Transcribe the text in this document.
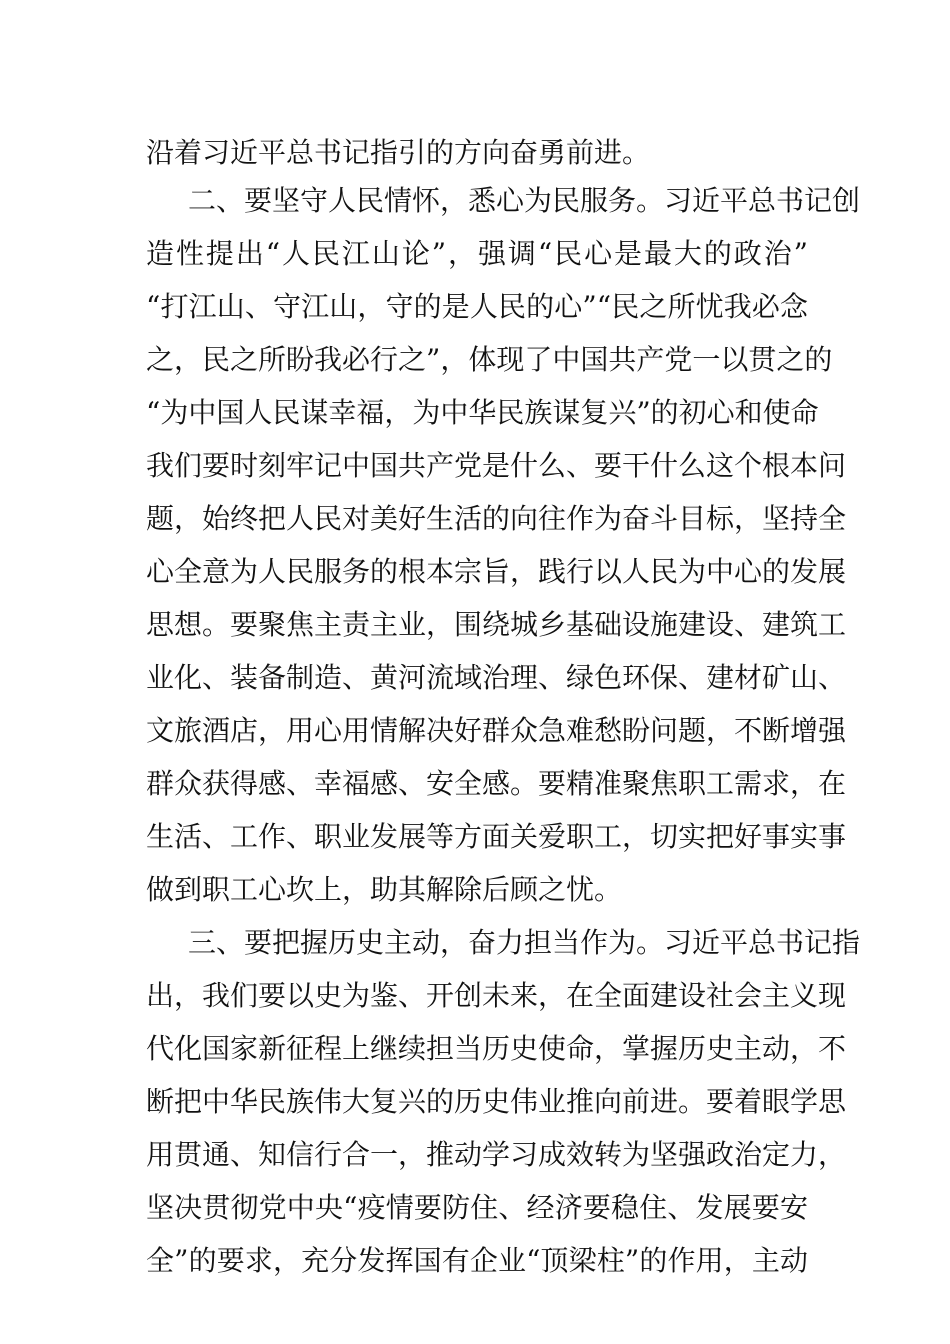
沿着习近平总书记指引的方向奋勇前进。
二、要坚守人民情怀，悉心为民服务。习近平总书记创
造性提出“人民江山论”，强调“民心是最大的政治”
“打江山、守江山，守的是人民的心”“民之所忧我必念
之，民之所盼我必行之”，体现了中国共产党一以贯之的
“为中国人民谋幸福，为中华民族谋复兴”的初心和使命
我们要时刻牢记中国共产党是什么、要干什么这个根本问
题，始终把人民对美好生活的向往作为奋斗目标，坚持全
心全意为人民服务的根本宗旨，践行以人民为中心的发展
思想。要聚焦主责主业，围绕城乡基础设施建设、建筑工
业化、装备制造、黄河流域治理、绿色环保、建材矿山、
文旅酒店，用心用情解决好群众急难愁盼问题，不断增强
群众获得感、幸福感、安全感。要精准聚焦职工需求，在
生活、工作、职业发展等方面关爱职工，切实把好事实事
做到职工心坎上，助其解除后顾之忧。
三、要把握历史主动，奋力担当作为。习近平总书记指
出，我们要以史为鉴、开创未来，在全面建设社会主义现
代化国家新征程上继续担当历史使命，掌握历史主动，不
断把中华民族伟大复兴的历史伟业推向前进。要着眼学思
用贯通、知信行合一，推动学习成效转为坚强政治定力，
坚决贯彻党中央“疫情要防住、经济要稳住、发展要安
全”的要求，充分发挥国有企业“顶梁柱”的作用，主动
